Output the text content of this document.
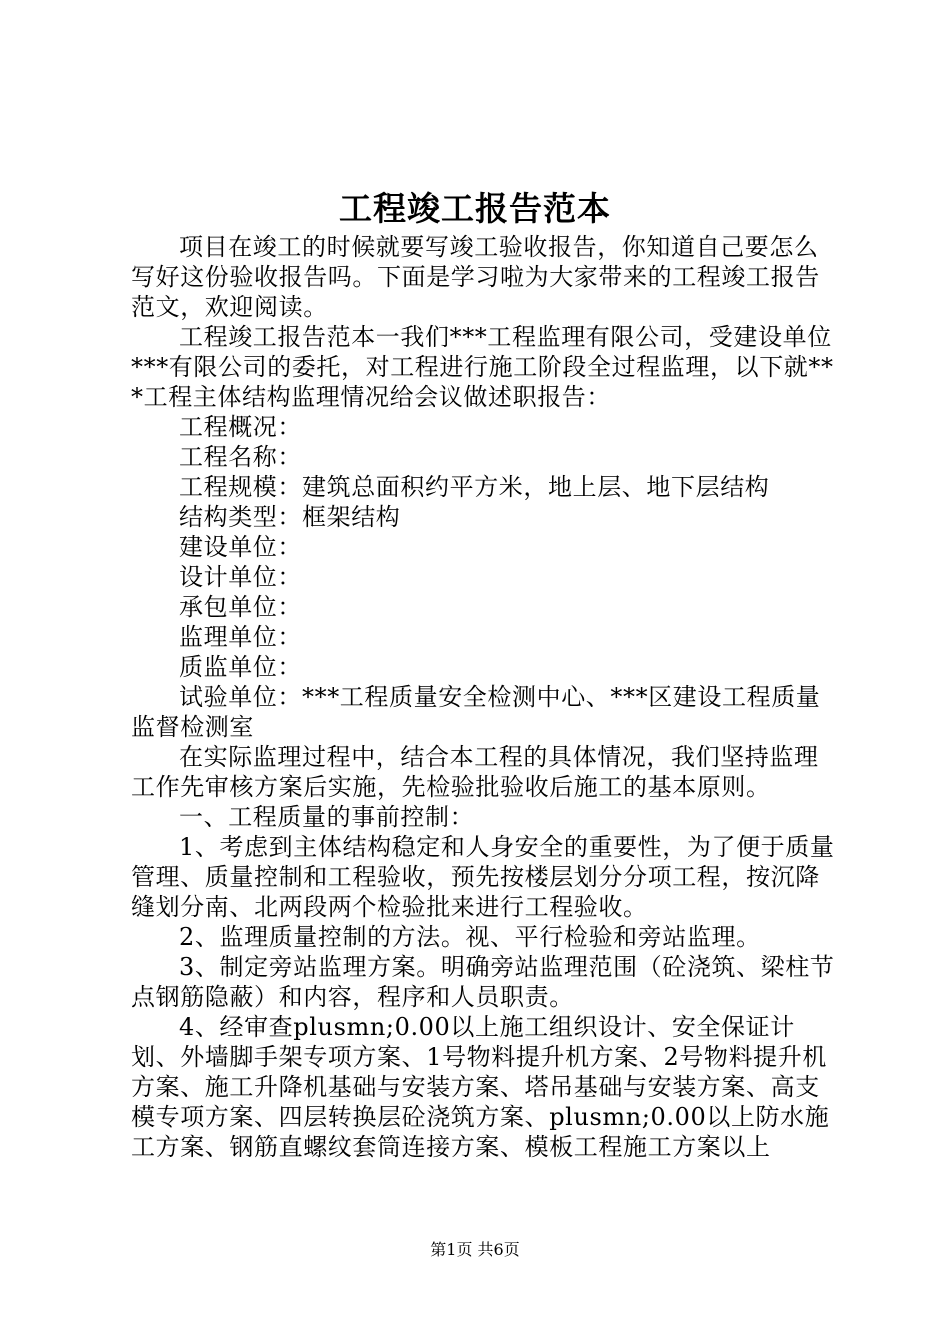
工程竣工报告范本

项目在竣工的时候就要写竣工验收报告，你知道自己要怎么写好这份验收报告吗。下面是学习啦为大家带来的工程竣工报告范文，欢迎阅读。

工程竣工报告范本一我们***工程监理有限公司，受建设单位***有限公司的委托，对工程进行施工阶段全过程监理，以下就***工程主体结构监理情况给会议做述职报告：

工程概况：

工程名称：

工程规模：建筑总面积约平方米，地上层、地下层结构

结构类型：框架结构

建设单位：

设计单位：

承包单位：

监理单位：

质监单位：

试验单位：***工程质量安全检测中心、***区建设工程质量监督检测室

在实际监理过程中，结合本工程的具体情况，我们坚持监理工作先审核方案后实施，先检验批验收后施工的基本原则。

一、工程质量的事前控制：

1、考虑到主体结构稳定和人身安全的重要性，为了便于质量管理、质量控制和工程验收，预先按楼层划分分项工程，按沉降缝划分南、北两段两个检验批来进行工程验收。

2、监理质量控制的方法。视、平行检验和旁站监理。

3、制定旁站监理方案。明确旁站监理范围（砼浇筑、梁柱节点钢筋隐蔽）和内容，程序和人员职责。

4、经审查plusmn;0.00以上施工组织设计、安全保证计划、外墙脚手架专项方案、1号物料提升机方案、2号物料提升机方案、施工升降机基础与安装方案、塔吊基础与安装方案、高支模专项方案、四层转换层砼浇筑方案、plusmn;0.00以上防水施工方案、钢筋直螺纹套筒连接方案、模板工程施工方案以上

第1页 共6页
